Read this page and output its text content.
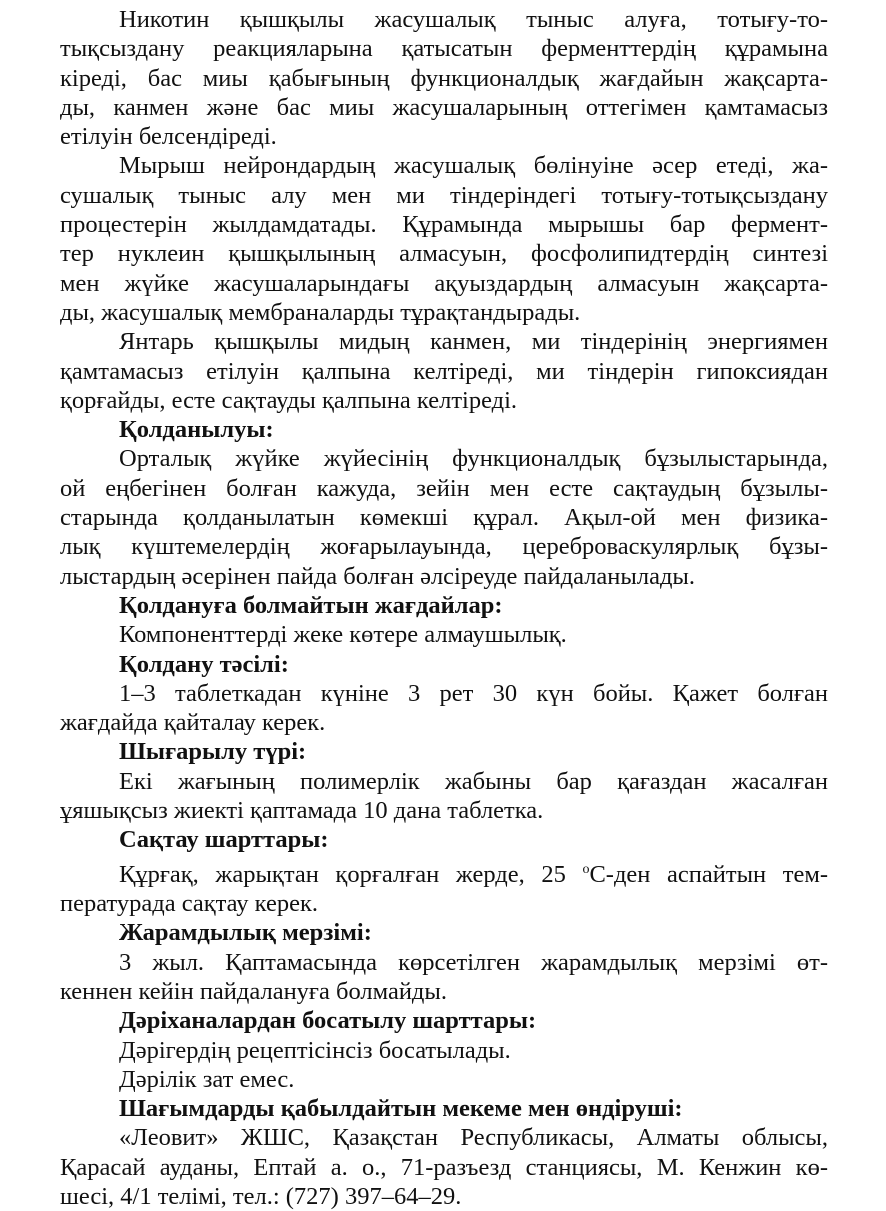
Никотин қышқылы жасушалық тыныс алуға, тотығу-то-
тықсыздану реакцияларына қатысатын ферменттердің құрамына
кіреді, бас миы қабығының функционалдық жағдайын жақсарта-
ды, канмен және бас миы жасушаларының оттегімен қамтамасыз
етілуін белсендіреді.
Мырыш нейрондардың жасушалық бөлінуіне әсер етеді, жа-
сушалық тыныс алу мен ми тіндеріндегі тотығу-тотықсыздану
процестерін жылдамдатады. Құрамында мырышы бар фермент-
тер нуклеин қышқылының алмасуын, фосфолипидтердің синтезі
мен жүйке жасушаларындағы ақуыздардың алмасуын жақсарта-
ды, жасушалық мембраналарды тұрақтандырады.
Янтарь қышқылы мидың канмен, ми тіндерінің энергиямен
қамтамасыз етілуін қалпына келтіреді, ми тіндерін гипоксиядан
қорғайды, есте сақтауды қалпына келтіреді.
Қолданылуы:
Орталық жүйке жүйесінің функционалдық бұзылыстарында,
ой еңбегінен болған кажуда, зейін мен есте сақтаудың бұзылы-
старында қолданылатын көмекші құрал. Ақыл-ой мен физика-
лық күштемелердің жоғарылауында, цереброваскулярлық бұзы-
лыстардың әсерінен пайда болған әлсіреуде пайдаланылады.
Қолдануға болмайтын жағдайлар:
Компоненттерді жеке көтере алмаушылық.
Қолдану тәсілі:
1–3 таблеткадан күніне 3 рет 30 күн бойы. Қажет болған
жағдайда қайталау керек.
Шығарылу түрі:
Екі жағының полимерлік жабыны бар қағаздан жасалған
ұяшықсыз жиекті қаптамада 10 дана таблетка.
Сақтау шарттары:
Құрғақ, жарықтан қорғалған жерде, 25 $^о$С-ден аспайтын тем-
пературада сақтау керек.
Жарамдылық мерзімі:
3 жыл. Қаптамасында көрсетілген жарамдылық мерзімі өт-
кеннен кейін пайдалануға болмайды.
Дәріханалардан босатылу шарттары:
Дәрігердің рецептісінсіз босатылады.
Дәрілік зат емес.
Шағымдарды қабылдайтын мекеме мен өндіруші:
«Леовит» ЖШС, Қазақстан Республикасы, Алматы облысы,
Қарасай ауданы, Ептай а. о., 71-разъезд станциясы, М. Кенжин кө-
шесі, 4/1 телімі, тел.: (727) 397–64–29.
